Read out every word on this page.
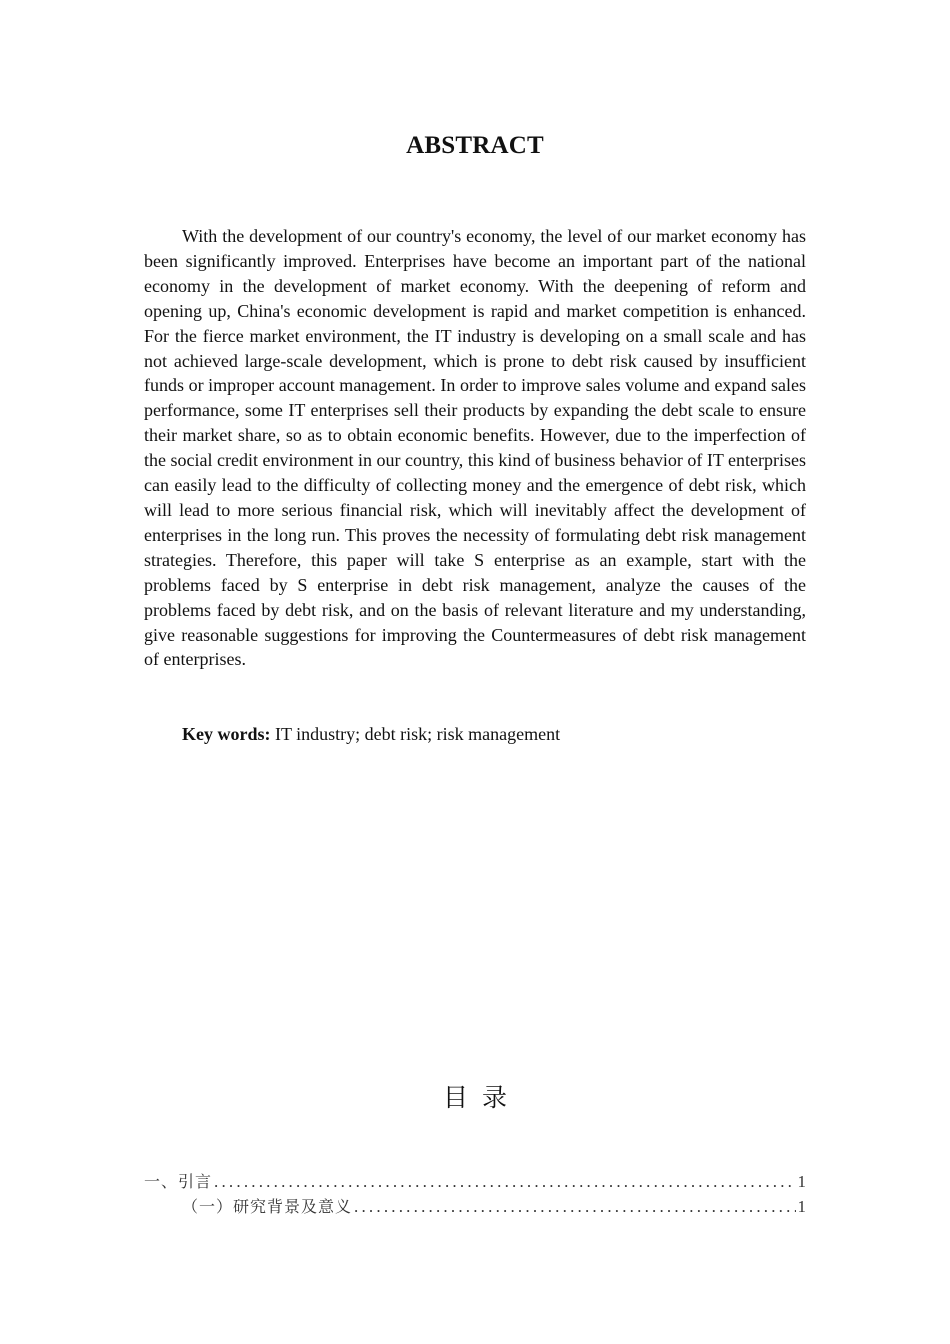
ABSTRACT

With the development of our country's economy, the level of our market economy has been significantly improved. Enterprises have become an important part of the national economy in the development of market economy. With the deepening of reform and opening up, China's economic development is rapid and market competition is enhanced. For the fierce market environment, the IT industry is developing on a small scale and has not achieved large-scale development, which is prone to debt risk caused by insufficient funds or improper account management. In order to improve sales volume and expand sales performance, some IT enterprises sell their products by expanding the debt scale to ensure their market share, so as to obtain economic benefits. However, due to the imperfection of the social credit environment in our country, this kind of business behavior of IT enterprises can easily lead to the difficulty of collecting money and the emergence of debt risk, which will lead to more serious financial risk, which will inevitably affect the development of enterprises in the long run. This proves the necessity of formulating debt risk management strategies. Therefore, this paper will take S enterprise as an example, start with the problems faced by S enterprise in debt risk management, analyze the causes of the problems faced by debt risk, and on the basis of relevant literature and my understanding, give reasonable suggestions for improving the Countermeasures of debt risk management of enterprises.

Key words: IT industry; debt risk; risk management

目录
一、引言 .....	1
（一）研究背景及意义 .....	1
